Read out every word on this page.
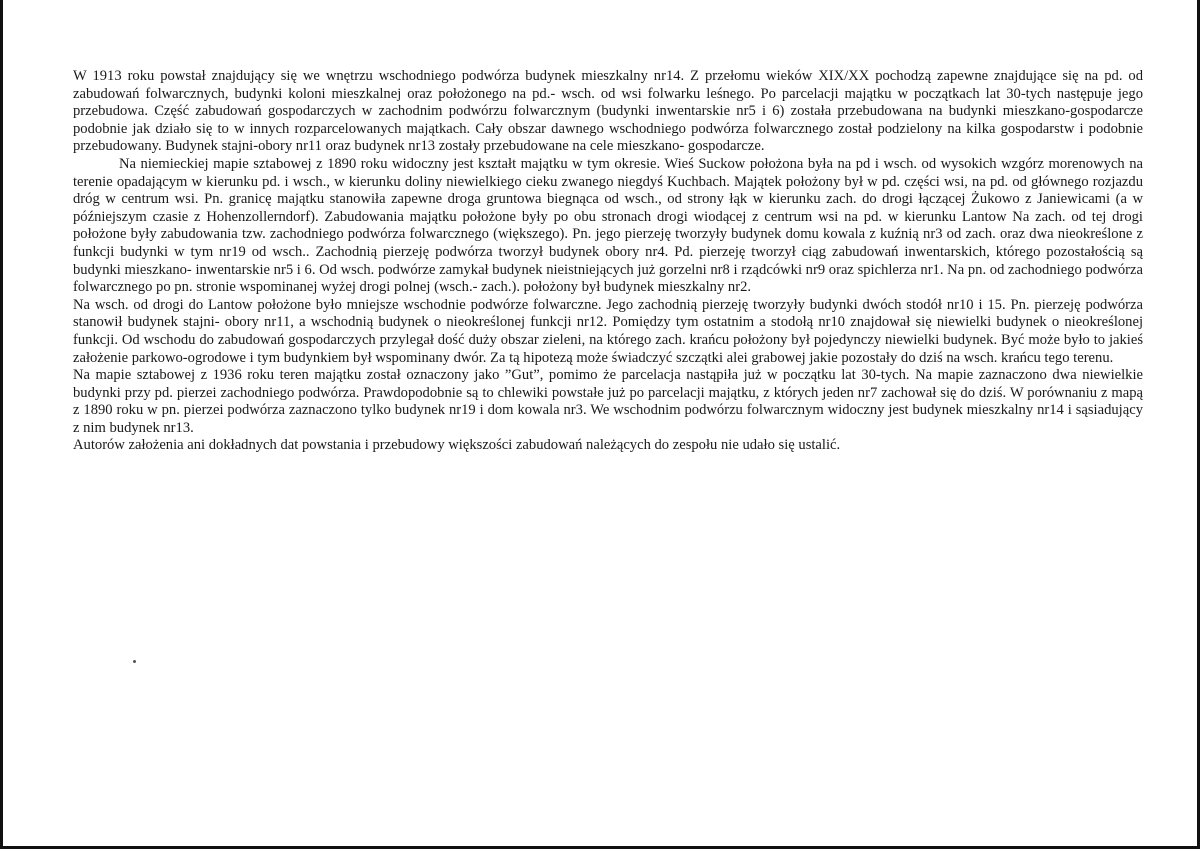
W 1913 roku powstał znajdujący się we wnętrzu wschodniego podwórza budynek mieszkalny nr14. Z przełomu wieków XIX/XX pochodzą zapewne znajdujące się na pd. od zabudowań folwarcznych, budynki koloni mieszkalnej oraz położonego na pd.- wsch. od wsi folwarku leśnego. Po parcelacji majątku w początkach lat 30-tych następuje jego przebudowa. Część zabudowań gospodarczych w zachodnim podwórzu folwarcznym (budynki inwentarskie nr5 i 6) została przebudowana na budynki mieszkano-gospodarcze podobnie jak działo się to w innych rozparcelowanych majątkach. Cały obszar dawnego wschodniego podwórza folwarcznego został podzielony na kilka gospodarstw i podobnie przebudowany. Budynek stajni-obory nr11 oraz budynek nr13 zostały przebudowane na cele mieszkano- gospodarcze.

Na niemieckiej mapie sztabowej z 1890 roku widoczny jest kształt majątku w tym okresie. Wieś Suckow położona była na pd i wsch. od wysokich wzgórz morenowych na terenie opadającym w kierunku pd. i wsch., w kierunku doliny niewielkiego cieku zwanego niegdyś Kuchbach. Majątek położony był w pd. części wsi, na pd. od głównego rozjazdu dróg w centrum wsi. Pn. granicę majątku stanowiła zapewne droga gruntowa biegnąca od wsch., od strony łąk w kierunku zach. do drogi łączącej Żukowo z Janiewicami (a w późniejszym czasie z Hohenzollerndorf). Zabudowania majątku położone były po obu stronach drogi wiodącej z centrum wsi na pd. w kierunku Lantow Na zach. od tej drogi położone były zabudowania tzw. zachodniego podwórza folwarcznego (większego). Pn. jego pierzeję tworzyły budynek domu kowala z kuźnią nr3 od zach. oraz dwa nieokreślone z funkcji budynki w tym nr19 od wsch.. Zachodnią pierzeję podwórza tworzył budynek obory nr4. Pd. pierzeję tworzył ciąg zabudowań inwentarskich, którego pozostałością są budynki mieszkano- inwentarskie nr5 i 6. Od wsch. podwórze zamykał budynek nieistniejących już gorzelni nr8 i rządcówki nr9 oraz spichlerza nr1. Na pn. od zachodniego podwórza folwarcznego po pn. stronie wspominanej wyżej drogi polnej (wsch.- zach.). położony był budynek mieszkalny nr2.

Na wsch. od drogi do Lantow położone było mniejsze wschodnie podwórze folwarczne. Jego zachodnią pierzeję tworzyły budynki dwóch stodół nr10 i 15. Pn. pierzeję podwórza stanowił budynek stajni- obory nr11, a wschodnią budynek o nieokreślonej funkcji nr12. Pomiędzy tym ostatnim a stodołą nr10 znajdował się niewielki budynek o nieokreślonej funkcji. Od wschodu do zabudowań gospodarczych przylegał dość duży obszar zieleni, na którego zach. krańcu położony był pojedynczy niewielki budynek. Być może było to jakieś założenie parkowo-ogrodowe i tym budynkiem był wspominany dwór. Za tą hipotezą może świadczyć szczątki alei grabowej jakie pozostały do dziś na wsch. krańcu tego terenu.

Na mapie sztabowej z 1936 roku teren majątku został oznaczony jako ”Gut”, pomimo że parcelacja nastąpiła już w początku lat 30-tych. Na mapie zaznaczono dwa niewielkie budynki przy pd. pierzei zachodniego podwórza. Prawdopodobnie są to chlewiki powstałe już po parcelacji majątku, z których jeden nr7 zachował się do dziś. W porównaniu z mapą z 1890 roku w pn. pierzei podwórza zaznaczono tylko budynek nr19 i dom kowala nr3. We wschodnim podwórzu folwarcznym widoczny jest budynek mieszkalny nr14 i sąsiadujący z nim budynek nr13.

Autorów założenia ani dokładnych dat powstania i przebudowy większości zabudowań należących do zespołu nie udało się ustalić.
